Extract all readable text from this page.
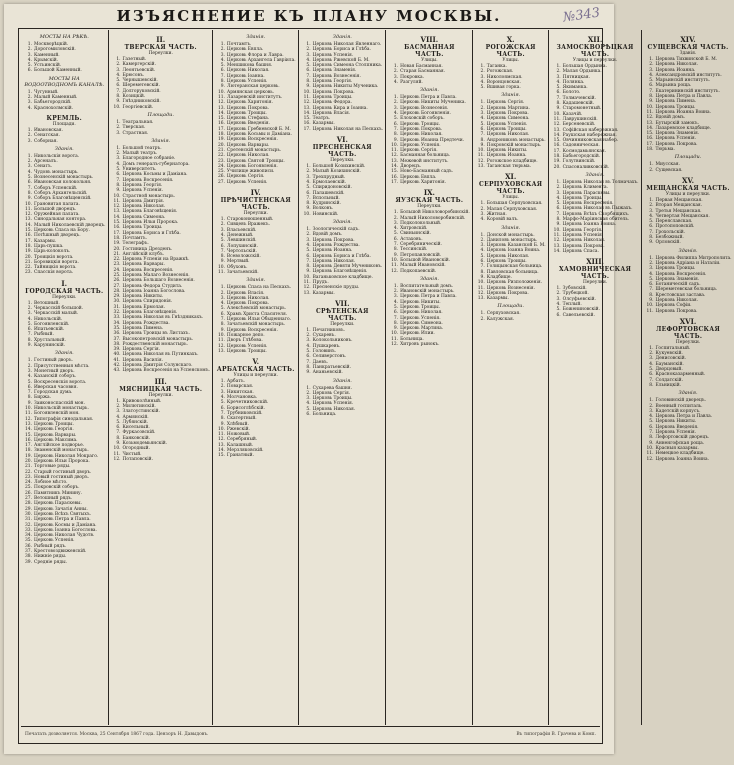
ИЗЪЯСНЕНИЕ КЪ ПЛАНУ МОСКВЫ.	№343
МОСТЫ НА РѢКѢ.
1. Москворѣцкій.
2. Дорогомиловскій.
3. Каменный.
4. Крымскій.
5. Устьинскій.
6. Большой Каменный.
МОСТЫ НА ВОДООТВОДНОМЪ КАНАЛѢ.
1. Чугунный.
2. Малый Каменный.
3. Бабьегородскій.
4. Краснохолмскій.
КРЕМЛЬ.
Площади.
1. Ивановская.
2. Сенатская.
3. Соборная.
Зданія.
1. Никольскія ворота.
2. Арсеналъ.
3. Сенатъ.
4. Чудовъ монастырь.
5. Вознесенскій монастырь.
6. Ивановская колокольня.
7. Соборъ Успенскій.
8. Соборъ Архангельскій.
9. Соборъ Благовѣщенскій.
10. Грановитая палата.
11. Большой дворецъ.
12. Оружейная палата.
13. Синодальная контора.
14. Малый Николаевскій дворецъ.
15. Церковь Спаса на Бору.
16. Потѣшный дворецъ.
17. Казармы.
18. Царь-пушка.
19. Царь-колоколъ.
20. Троицкія ворота.
21. Боровицкія ворота.
22. Тайницкія ворота.
23. Спасскія ворота.
I.
ГОРОДСКАЯ ЧАСТЬ.
Переулки.
1. Ветошный.
2. Черкасскій большой.
3. Черкасскій малый.
4. Никольскій.
5. Богоявленскій.
6. Ипатьевскій.
7. Рыбный.
8. Хрустальный.
9. Карунинскій.
Зданія.
1. Гостиный дворъ.
2. Присутственныя мѣста.
3. Монетный дворъ.
4. Казанскій соборъ.
5. Воскресенскія ворота.
6. Иверская часовня.
7. Городская дума.
8. Биржа.
9. Заиконоспасскій мон.
10. Никольскій монастырь.
11. Богоявленскій мон.
12. Типографія синодальная.
13. Церковь Троицы.
14. Церковь Георгія.
15. Церковь Варвары.
16. Церковь Максима.
17. Англійское подворье.
18. Знаменскій монастырь.
19. Церковь Николая Мокраго.
20. Церковь Ильи Пророка.
21. Торговые ряды.
22. Старый гостиный дворъ.
23. Новый гостиный дворъ.
24. Лобное мѣсто.
25. Покровскій соборъ.
26. Памятникъ Минину.
27. Ветошный рядъ.
28. Церковь Параскевы.
29. Церковь Зачатія Анны.
30. Церковь Всѣхъ Святыхъ.
31. Церковь Петра и Павла.
32. Церковь Космы и Даміана.
33. Церковь Іоанна Богослова.
34. Церковь Николая Чудотв.
35. Церковь Успенія.
36. Рыбный рядъ.
37. Крестовоздвиженскій.
38. Нижніе ряды.
39. Средніе ряды.
II.
ТВЕРСКАЯ ЧАСТЬ.
Переулки.
1. Газетный.
2. Камергерскій.
3. Леонтьевскій.
4. Брюсовъ.
5. Чернышевскій.
6. Шереметевскій.
7. Долгоруковскій.
8. Козицкій.
9. Гнѣздниковскій.
10. Георгіевскій.
Площади.
1. Театральная.
2. Тверская.
3. Страстная.
Зданія.
1. Большой театръ.
2. Малый театръ.
3. Благородное собраніе.
4. Домъ генералъ-губернатора.
5. Университетъ.
6. Церковь Косьмы и Даміана.
7. Церковь Воскресенія.
8. Церковь Георгія.
9. Церковь Успенія.
10. Страстной монастырь.
11. Церковь Дмитрія.
12. Церковь Николая.
13. Церковь Благовѣщенія.
14. Церковь Симеона.
15. Церковь Ильи Пророка.
16. Церковь Троицы.
17. Церковь Бориса и Глѣба.
18. Почтамтъ.
19. Телеграфъ.
20. Гостиница Дрезденъ.
21. Англійскій клубъ.
22. Церковь Успенія на Вражкѣ.
23. Церковь Варвары.
24. Церковь Воскресенія.
25. Церковь Малаго Вознесенія.
26. Церковь Большаго Вознесенія.
27. Церковь Федора Студита.
28. Церковь Іоанна Богослова.
29. Церковь Никиты.
30. Церковь Спиридонія.
31. Церковь Ермолая.
32. Церковь Благовѣщенія.
33. Церковь Николая въ Гнѣздникахъ.
34. Церковь Рождества.
35. Церковь Пимена.
36. Церковь Троицы въ Листахъ.
37. Высокопетровскій монастырь.
38. Рождественскій монастырь.
39. Церковь Сергія.
40. Церковь Николая въ Путинкахъ.
41. Церковь Василія.
42. Церковь Дмитрія Солунскаго.
43. Церковь Воскресенія на Успенскомъ.
III.
МЯСНИЦКАЯ ЧАСТЬ.
Переулки.
1. Кривоколѣнный.
2. Милютинскій.
3. Златоустинскій.
4. Армянскій.
5. Лубянскій.
6. Кисельный.
7. Фуркасовскій.
8. Банковскій.
9. Козьмодемьянскій.
10. Огородный.
11. Чистый.
12. Потаповскій.
Зданія.
1. Почтамтъ.
2. Церковь Евпла.
3. Церковь Флора и Лавра.
4. Церковь Архангела Гавріила.
5. Меншикова башня.
6. Церковь Николая.
7. Церковь Іоанна.
8. Церковь Успенія.
9. Лютеранская церковь.
10. Армянская церковь.
11. Лазаревскій институтъ.
12. Церковь Харитонія.
13. Церковь Покрова.
14. Церковь Троицы.
15. Церковь Стефана.
16. Церковь Введенія.
17. Церковь Гребневской Б. М.
18. Церковь Косьмы и Даміана.
19. Церковь Воскресенія.
20. Церковь Варвары.
21. Сретенскій монастырь.
22. Церковь Николая.
23. Церковь Святой Троицы.
24. Церковь Богоявленія.
25. Училище живописи.
26. Церковь Сергія.
27. Церковь Успенія.
IV.
ПРѢЧИСТЕНСКАЯ ЧАСТЬ.
Переулки.
1. Староконюшенный.
2. Сивцевъ Вражекъ.
3. Власьевскій.
4. Денежный.
5. Левшинскій.
6. Лопухинскій.
7. Чертольскій.
8. Всеволожскій.
9. Мертвый.
10. Обуховъ.
11. Зачатьевскій.
Зданія.
1. Церковь Спаса на Пескахъ.
2. Церковь Власія.
3. Церковь Николая.
4. Церковь Покрова.
5. Алексѣевскій монастырь.
6. Храмъ Христа Спасителя.
7. Церковь Ильи Обыденнаго.
8. Зачатьевскій монастырь.
9. Церковь Воскресенія.
10. Пожарное депо.
11. Дворъ Глѣбова.
12. Церковь Успенія.
13. Церковь Троицы.
V.
АРБАТСКАЯ ЧАСТЬ.
Улицы и переулки.
1. Арбатъ.
2. Поварская.
3. Никитская.
4. Молчановка.
5. Кречетниковскій.
6. Борисоглѣбскій.
7. Трубниковскій.
8. Скатертный.
9. Хлѣбный.
10. Ржевскій.
11. Ножовый.
12. Серебряный.
13. Калашный.
14. Мерзляковскій.
15. Гранатный.
Зданія.
1. Церковь Николая Явленнаго.
2. Церковь Бориса и Глѣба.
3. Церковь Успенія.
4. Церковь Ржевской Б. М.
5. Церковь Симеона Столпника.
6. Церковь Знаменія.
7. Церковь Вознесенія.
8. Церковь Георгія.
9. Церковь Никиты Мученика.
10. Церковь Покрова.
11. Церковь Троицы.
12. Церковь Федора.
13. Церковь Кира и Іоанна.
14. Церковь Власія.
15. Театръ.
16. Казармы.
17. Церковь Николая на Пескахъ.
VI.
ПРЕСНЕНСКАЯ ЧАСТЬ.
Переулки.
1. Большой Козихинскій.
2. Малый Козихинскій.
3. Трехпрудный.
4. Ермолаевскій.
5. Спиридоновскій.
6. Палашевскій.
7. Вспольный.
8. Кудринскій.
9. Волковъ.
10. Новинскій.
Зданія.
1. Зоологическій садъ.
2. Вдовій домъ.
3. Церковь Покрова.
4. Церковь Рождества.
5. Церковь Иоанна.
6. Церковь Бориса и Глѣба.
7. Церковь Николая.
8. Церковь Девяти Мучениковъ.
9. Церковь Благовѣщенія.
10. Ваганьковское кладбище.
11. Прудъ.
12. Пресненскіе пруды.
13. Казармы.
VII.
СРѢТЕНСКАЯ ЧАСТЬ.
Переулки.
1. Печатниковъ.
2. Сухаревъ.
3. Колокольниковъ.
4. Пушкаревъ.
5. Головинъ.
6. Селиверстовъ.
7. Даевъ.
8. Панкратьевскій.
9. Ананьевскій.
Зданія.
1. Сухарева башня.
2. Церковь Сергія.
3. Церковь Троицы.
4. Церковь Успенія.
5. Церковь Николая.
6. Больница.
VIII.
БАСМАННАЯ ЧАСТЬ.
Улицы.
1. Новая Басманная.
2. Старая Басманная.
3. Покровка.
4. Разгуляй.
Зданія.
1. Церковь Петра и Павла.
2. Церковь Никиты Мученика.
3. Церковь Вознесенія.
4. Церковь Богоявленія.
5. Елоховскій соборъ.
6. Церковь Троицы.
7. Церковь Покрова.
8. Церковь Николая.
9. Церковь Иоанна Предтечи.
10. Церковь Успенія.
11. Церковь Сергія.
12. Басманная больница.
13. Межевой институтъ.
14. Дворецъ.
15. Ново-Басманный садъ.
16. Церковь Евпла.
17. Церковь Харитонія.
IX.
ЯУЗСКАЯ ЧАСТЬ.
Переулки.
1. Большой Николоворобинскій.
2. Малый Николоворобинскій.
3. Подколокольный.
4. Хитровскій.
5. Свиньинскій.
6. Астаховъ.
7. Серебряническій.
8. Тессинскій.
9. Петропавловскій.
10. Большой Ивановскій.
11. Малый Ивановскій.
12. Подкопаевскій.
Зданія.
1. Воспитательный домъ.
2. Ивановскій монастырь.
3. Церковь Петра и Павла.
4. Церковь Никиты.
5. Церковь Троицы.
6. Церковь Николая.
7. Церковь Успенія.
8. Церковь Симеона.
9. Церковь Мартина.
10. Церковь Илии.
11. Больница.
12. Хитровъ рынокъ.
X.
РОГОЖСКАЯ ЧАСТЬ.
Улицы.
1. Таганка.
2. Рогожская.
3. Николоямская.
4. Воронцовская.
5. Вшивая горка.
Зданія.
1. Церковь Сергія.
2. Церковь Мартина.
3. Церковь Покрова.
4. Церковь Симеона.
5. Церковь Успенія.
6. Церковь Троицы.
7. Церковь Николая.
8. Андрониковъ монастырь.
9. Покровскій монастырь.
10. Церковь Никиты.
11. Церковь Иоанна.
12. Рогожское кладбище.
13. Таганская тюрьма.
XI.
СЕРПУХОВСКАЯ ЧАСТЬ.
Улицы.
1. Большая Серпуховская.
2. Малая Серпуховская.
3. Житная.
4. Коровій валъ.
Зданія.
1. Донской монастырь.
2. Даниловъ монастырь.
3. Церковь Казанской Б. М.
4. Церковь Іоанна Воина.
5. Церковь Николая.
6. Церковь Троицы.
7. Голицынская больница.
8. Павловская больница.
9. Кладбище.
10. Церковь Ризположенія.
11. Церковь Вознесенія.
12. Церковь Покрова.
13. Казармы.
Площади.
1. Серпуховская.
2. Калужская.
XII.
ЗАМОСКВОРѢЦКАЯ ЧАСТЬ.
Улицы и переулки.
1. Большая Ордынка.
2. Малая Ордынка.
3. Пятницкая.
4. Полянка.
5. Якиманка.
6. Болото.
7. Толмачевскій.
8. Кадашевскій.
9. Старомонетный.
10. Казачій.
11. Лаврушинскій.
12. Берсеневскій.
13. Софійская набережная.
14. Раушская набережная.
15. Овчинниковская набер.
16. Садовническая.
17. Космодамьянская.
18. Бабьегородскій.
19. Голутвинскій.
20. Спасоналивковскій.
Зданія.
1. Церковь Николая въ Толмачахъ.
2. Церковь Климента.
3. Церковь Параскевы.
4. Церковь Троицы.
5. Церковь Воскресенія.
6. Церковь Николая въ Пыжахъ.
7. Церковь Всѣхъ Скорбящихъ.
8. Марфо-Маріинская обитель.
9. Церковь Іоанна Воина.
10. Церковь Георгія.
11. Церковь Успенія.
12. Церковь Николая.
13. Церковь Покрова.
14. Церковь Спаса.
XIII.
ХАМОВНИЧЕСКАЯ ЧАСТЬ.
Переулки.
1. Зубовскій.
2. Трубецкой.
3. Олсуфьевскій.
4. Теплый.
5. Божениновскій.
6. Савельевскій.
XIV.
СУЩЕВСКАЯ ЧАСТЬ.
Зданія.
1. Церковь Тихвинской Б. М.
2. Церковь Николая.
3. Церковь Иоанна.
4. Александровскій институтъ.
5. Марьинскій институтъ.
6. Марьина роща.
7. Екатерининскій институтъ.
8. Церковь Петра и Павла.
9. Церковь Пимена.
10. Церковь Троицы.
11. Церковь Иоанна Воина.
12. Вдовій домъ.
13. Бутырскій замокъ.
14. Лазаревское кладбище.
15. Церковь Знаменія.
16. Церковь Успенія.
17. Церковь Покрова.
18. Тюрьма.
Площади.
1. Миусская.
2. Сущевская.
XV.
МЕЩАНСКАЯ ЧАСТЬ.
Улицы и переулки.
1. Первая Мещанская.
2. Вторая Мещанская.
3. Третья Мещанская.
4. Четвертая Мещанская.
5. Переяславская.
6. Протопоповскій.
7. Грохольскій.
8. Безбожный.
9. Орловскій.
Зданія.
1. Церковь Филиппа Митрополита.
2. Церковь Адріана и Наталіи.
3. Церковь Троицы.
4. Церковь Воскресенія.
5. Церковь Знаменія.
6. Ботаническій садъ.
7. Шереметевская больница.
8. Крестовская застава.
9. Церковь Николая.
10. Церковь Софіи.
11. Церковь Покрова.
XVI.
ЛЕФОРТОВСКАЯ ЧАСТЬ.
Переулки.
1. Госпитальный.
2. Кукуевскій.
3. Денисовскій.
4. Бауманскій.
5. Дворцовый.
6. Красноказарменный.
7. Солдатскій.
8. Ельницкій.
Зданія.
1. Головинскій дворецъ.
2. Военный госпиталь.
3. Кадетскій корпусъ.
4. Церковь Петра и Павла.
5. Церковь Никиты.
6. Церковь Введенія.
7. Церковь Успенія.
8. Лефортовскій дворецъ.
9. Анненгофская роща.
10. Красныя казармы.
11. Немецкое кладбище.
12. Церковь Іоанна Воина.
Печатать дозволяется. Москва, 25 Сентября 1867 года. Цензоръ Н. Давыдовъ.	Въ типографіи В. Грачева и Комп.
